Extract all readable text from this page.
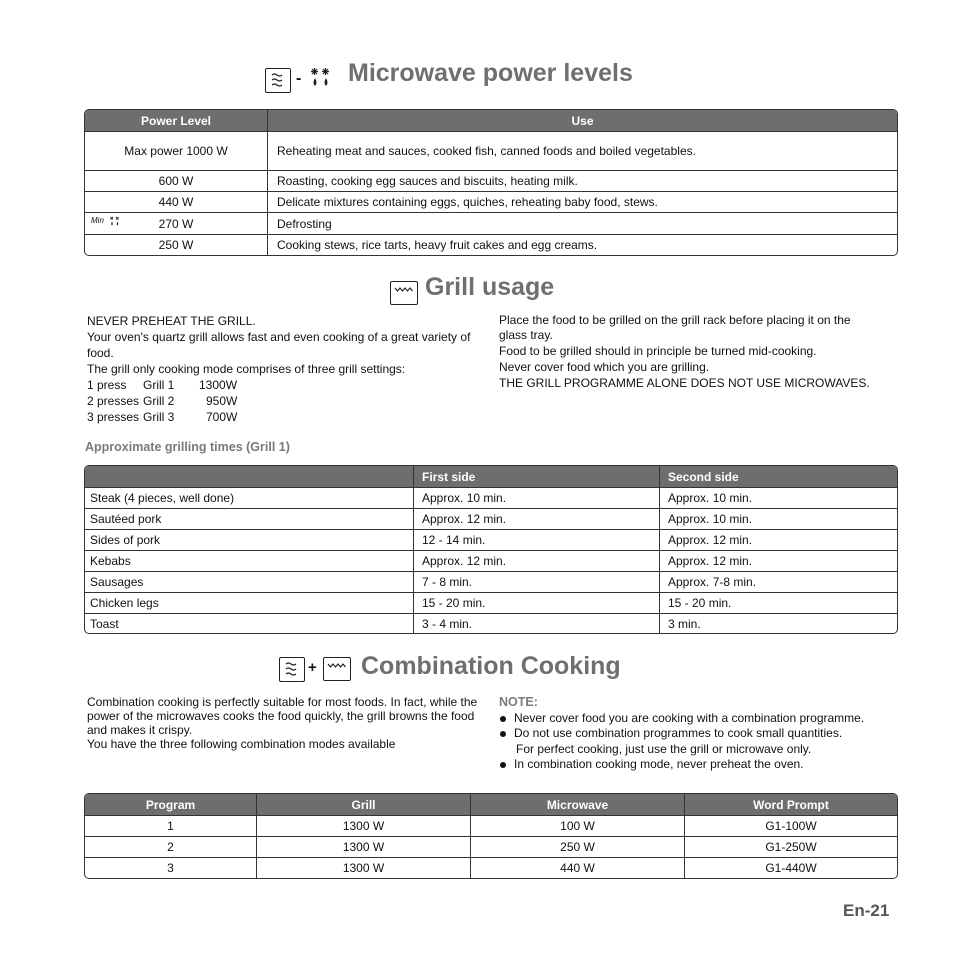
- Microwave power levels
Power Level	Use
Max power 1000 W	Reheating meat and sauces, cooked fish, canned foods and boiled vegetables.
600 W	Roasting, cooking egg sauces and biscuits, heating milk.
440 W	Delicate mixtures containing eggs, quiches, reheating baby food, stews.

Min 270 W	Defrosting
250 W	Cooking stews, rice tarts, heavy fruit cakes and egg creams.
Grill usage
NEVER PREHEAT THE GRILL.
Your oven's quartz grill allows fast and even cooking of a great variety of food.
The grill only cooking mode comprises of three grill settings:
1 press Grill 1 1300W
2 presses Grill 2	950W
3 presses Grill 3	700W
Place the food to be grilled on the grill rack before placing it on the glass tray.
Food to be grilled should in principle be turned mid-cooking.
Never cover food which you are grilling.
THE GRILL PROGRAMME ALONE DOES NOT USE MICROWAVES.
Approximate grilling times (Grill 1)
	First side	Second side
Steak (4 pieces, well done)	Approx. 10 min.	Approx. 10 min.
Sautéed pork	Approx. 12 min.	Approx. 10 min.
Sides of pork	12 - 14 min.	Approx. 12 min.
Kebabs	Approx. 12 min.	Approx. 12 min.
Sausages	7 - 8 min.	Approx. 7-8 min.
Chicken legs	15 - 20 min.	15 - 20 min.
Toast	3 - 4 min.	3 min.
+ Combination Cooking
Combination cooking is perfectly suitable for most foods. In fact, while the power of the microwaves cooks the food quickly, the grill browns the food and makes it crispy.
You have the three following combination modes available
NOTE:
Never cover food you are cooking with a combination programme.
Do not use combination programmes to cook small quantities.
For perfect cooking, just use the grill or microwave only.
In combination cooking mode, never preheat the oven.
Program	Grill	Microwave	Word Prompt
1	1300 W	100 W	G1-100W
2	1300 W	250 W	G1-250W
3	1300 W	440 W	G1-440W
En-21
